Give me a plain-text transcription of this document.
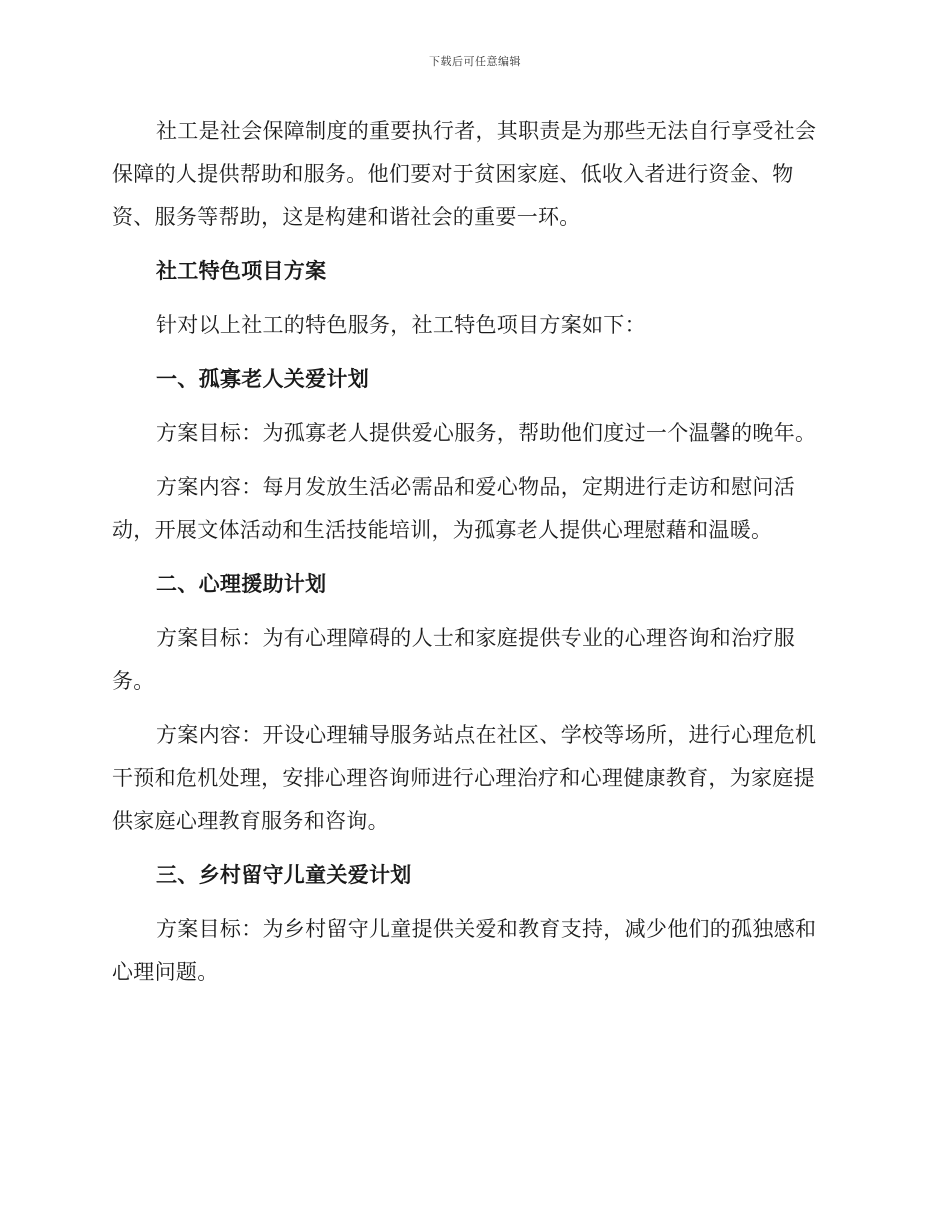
下载后可任意编辑

社工是社会保障制度的重要执行者，其职责是为那些无法自行享受社会保障的人提供帮助和服务。他们要对于贫困家庭、低收入者进行资金、物资、服务等帮助，这是构建和谐社会的重要一环。

社工特色项目方案

针对以上社工的特色服务，社工特色项目方案如下：

一、孤寡老人关爱计划

方案目标：为孤寡老人提供爱心服务，帮助他们度过一个温馨的晚年。

方案内容：每月发放生活必需品和爱心物品，定期进行走访和慰问活动，开展文体活动和生活技能培训，为孤寡老人提供心理慰藉和温暖。

二、心理援助计划

方案目标：为有心理障碍的人士和家庭提供专业的心理咨询和治疗服务。

方案内容：开设心理辅导服务站点在社区、学校等场所，进行心理危机干预和危机处理，安排心理咨询师进行心理治疗和心理健康教育，为家庭提供家庭心理教育服务和咨询。

三、乡村留守儿童关爱计划

方案目标：为乡村留守儿童提供关爱和教育支持，减少他们的孤独感和心理问题。
